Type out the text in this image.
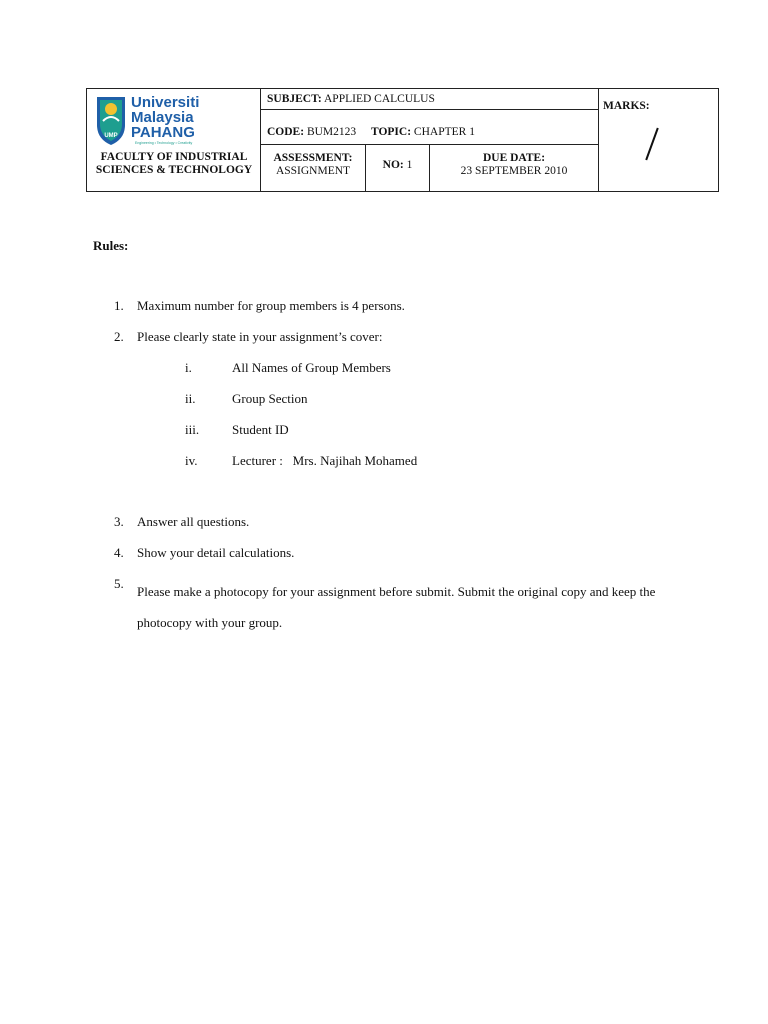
UMP
Universiti
Malaysia
PAHANG
Engineering • Technology • Creativity
FACULTY OF INDUSTRIAL SCIENCES & TECHNOLOGY
SUBJECT: APPLIED CALCULUS
CODE: BUM2123 TOPIC: CHAPTER 1
ASSESSMENT:
ASSIGNMENT	NO: 1
DUE DATE:
23 SEPTEMBER 2010
MARKS:
Rules:
1. Maximum number for group members is 4 persons.
2. Please clearly state in your assignment’s cover:
i.	All Names of Group Members
ii.	Group Section
iii.	Student ID
iv.	Lecturer :   Mrs. Najihah Mohamed
3. Answer all questions.
4. Show your detail calculations.
5.
Please make a photocopy for your assignment before submit. Submit the original copy and keep the photocopy with your group.
